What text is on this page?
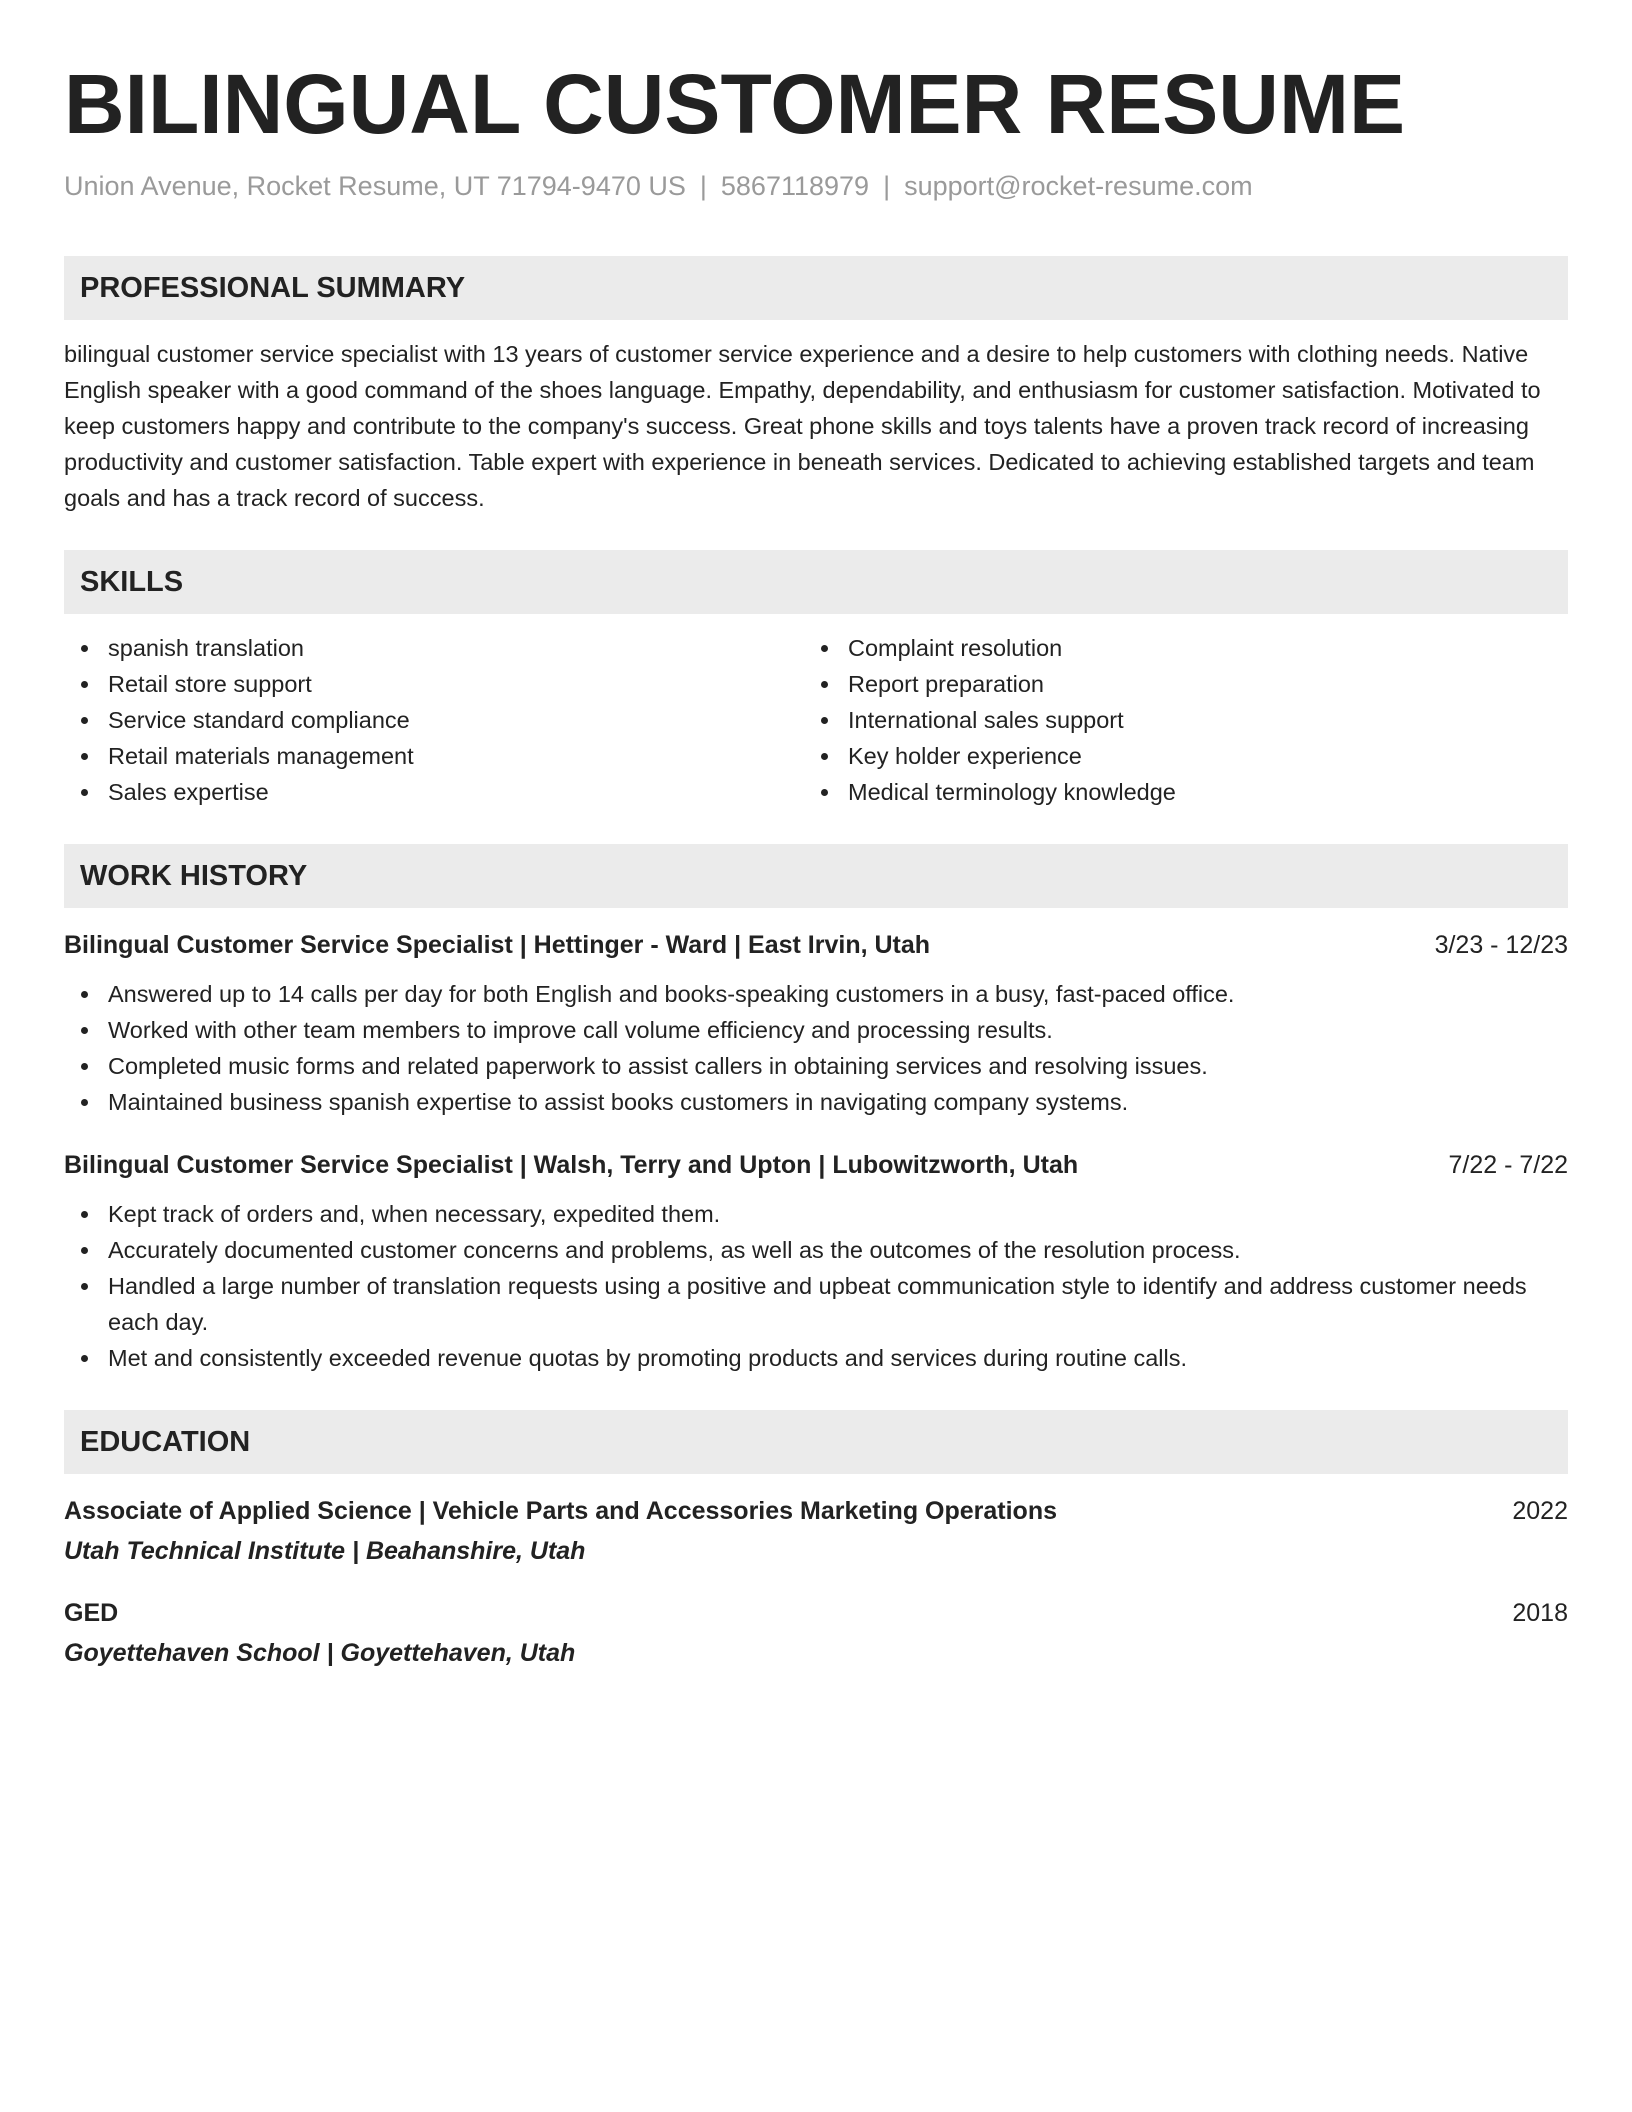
BILINGUAL CUSTOMER RESUME
Union Avenue, Rocket Resume, UT 71794-9470 US | 5867118979 | support@rocket-resume.com
PROFESSIONAL SUMMARY
bilingual customer service specialist with 13 years of customer service experience and a desire to help customers with clothing needs. Native English speaker with a good command of the shoes language. Empathy, dependability, and enthusiasm for customer satisfaction. Motivated to keep customers happy and contribute to the company's success. Great phone skills and toys talents have a proven track record of increasing productivity and customer satisfaction. Table expert with experience in beneath services. Dedicated to achieving established targets and team goals and has a track record of success.
SKILLS
spanish translation
Retail store support
Service standard compliance
Retail materials management
Sales expertise
Complaint resolution
Report preparation
International sales support
Key holder experience
Medical terminology knowledge
WORK HISTORY
Bilingual Customer Service Specialist | Hettinger - Ward | East Irvin, Utah	3/23 - 12/23
Answered up to 14 calls per day for both English and books-speaking customers in a busy, fast-paced office.
Worked with other team members to improve call volume efficiency and processing results.
Completed music forms and related paperwork to assist callers in obtaining services and resolving issues.
Maintained business spanish expertise to assist books customers in navigating company systems.
Bilingual Customer Service Specialist | Walsh, Terry and Upton | Lubowitzworth, Utah	7/22 - 7/22
Kept track of orders and, when necessary, expedited them.
Accurately documented customer concerns and problems, as well as the outcomes of the resolution process.
Handled a large number of translation requests using a positive and upbeat communication style to identify and address customer needs each day.
Met and consistently exceeded revenue quotas by promoting products and services during routine calls.
EDUCATION
Associate of Applied Science | Vehicle Parts and Accessories Marketing Operations	2022
Utah Technical Institute | Beahanshire, Utah
GED	2018
Goyettehaven School | Goyettehaven, Utah
